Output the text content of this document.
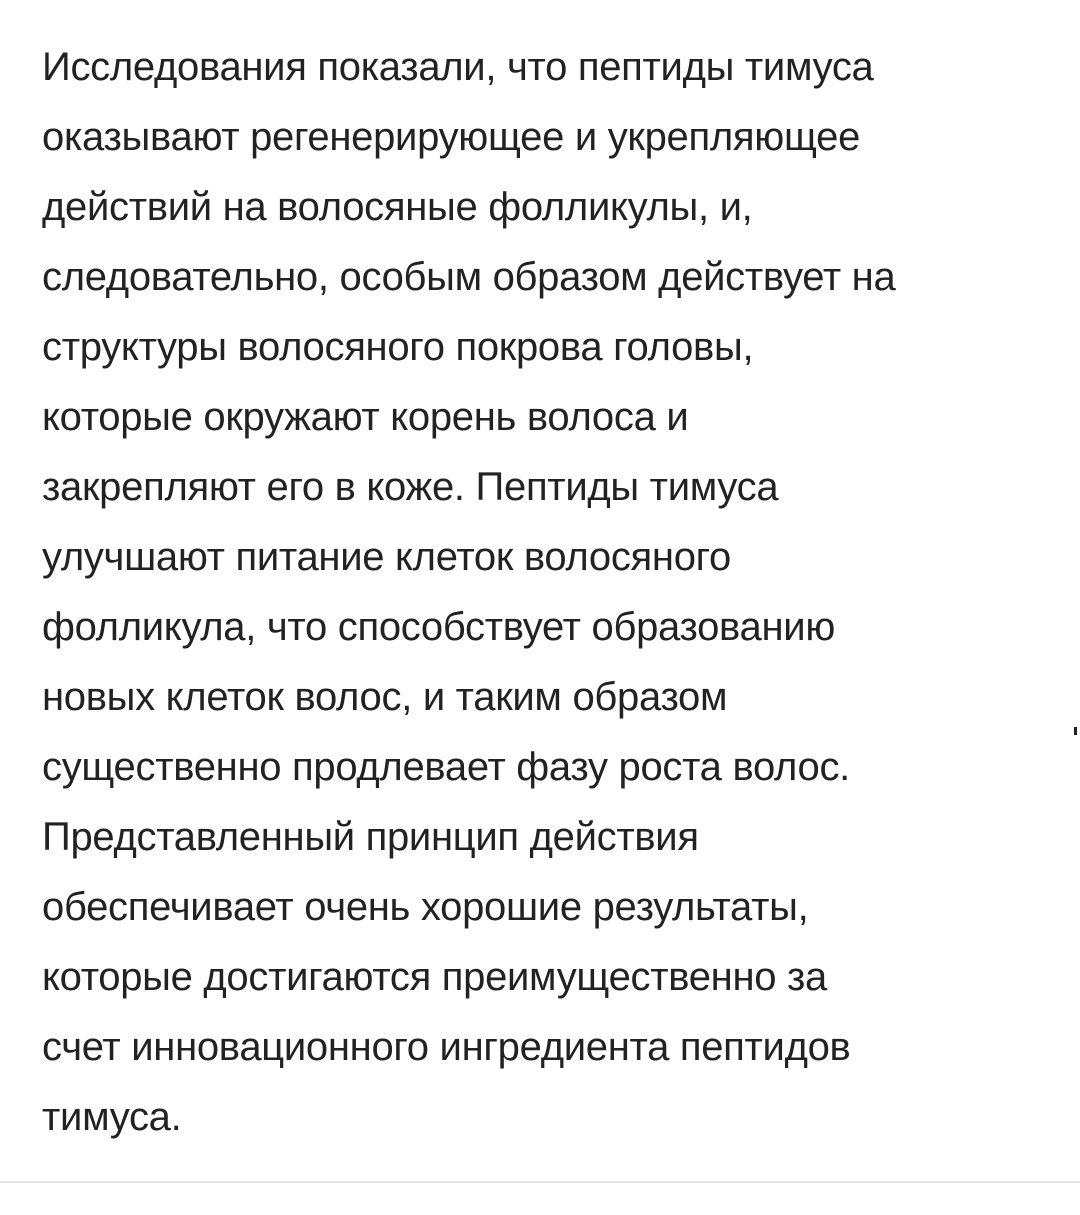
Исследования показали, что пептиды тимуса
оказывают регенерирующее и укрепляющее
действий на волосяные фолликулы, и,
следовательно, особым образом действует на
структуры волосяного покрова головы,
которые окружают корень волоса и
закрепляют его в коже. Пептиды тимуса
улучшают питание клеток волосяного
фолликула, что способствует образованию
новых клеток волос, и таким образом
существенно продлевает фазу роста волос.
Представленный принцип действия
обеспечивает очень хорошие результаты,
которые достигаются преимущественно за
счет инновационного ингредиента пептидов
тимуса.
